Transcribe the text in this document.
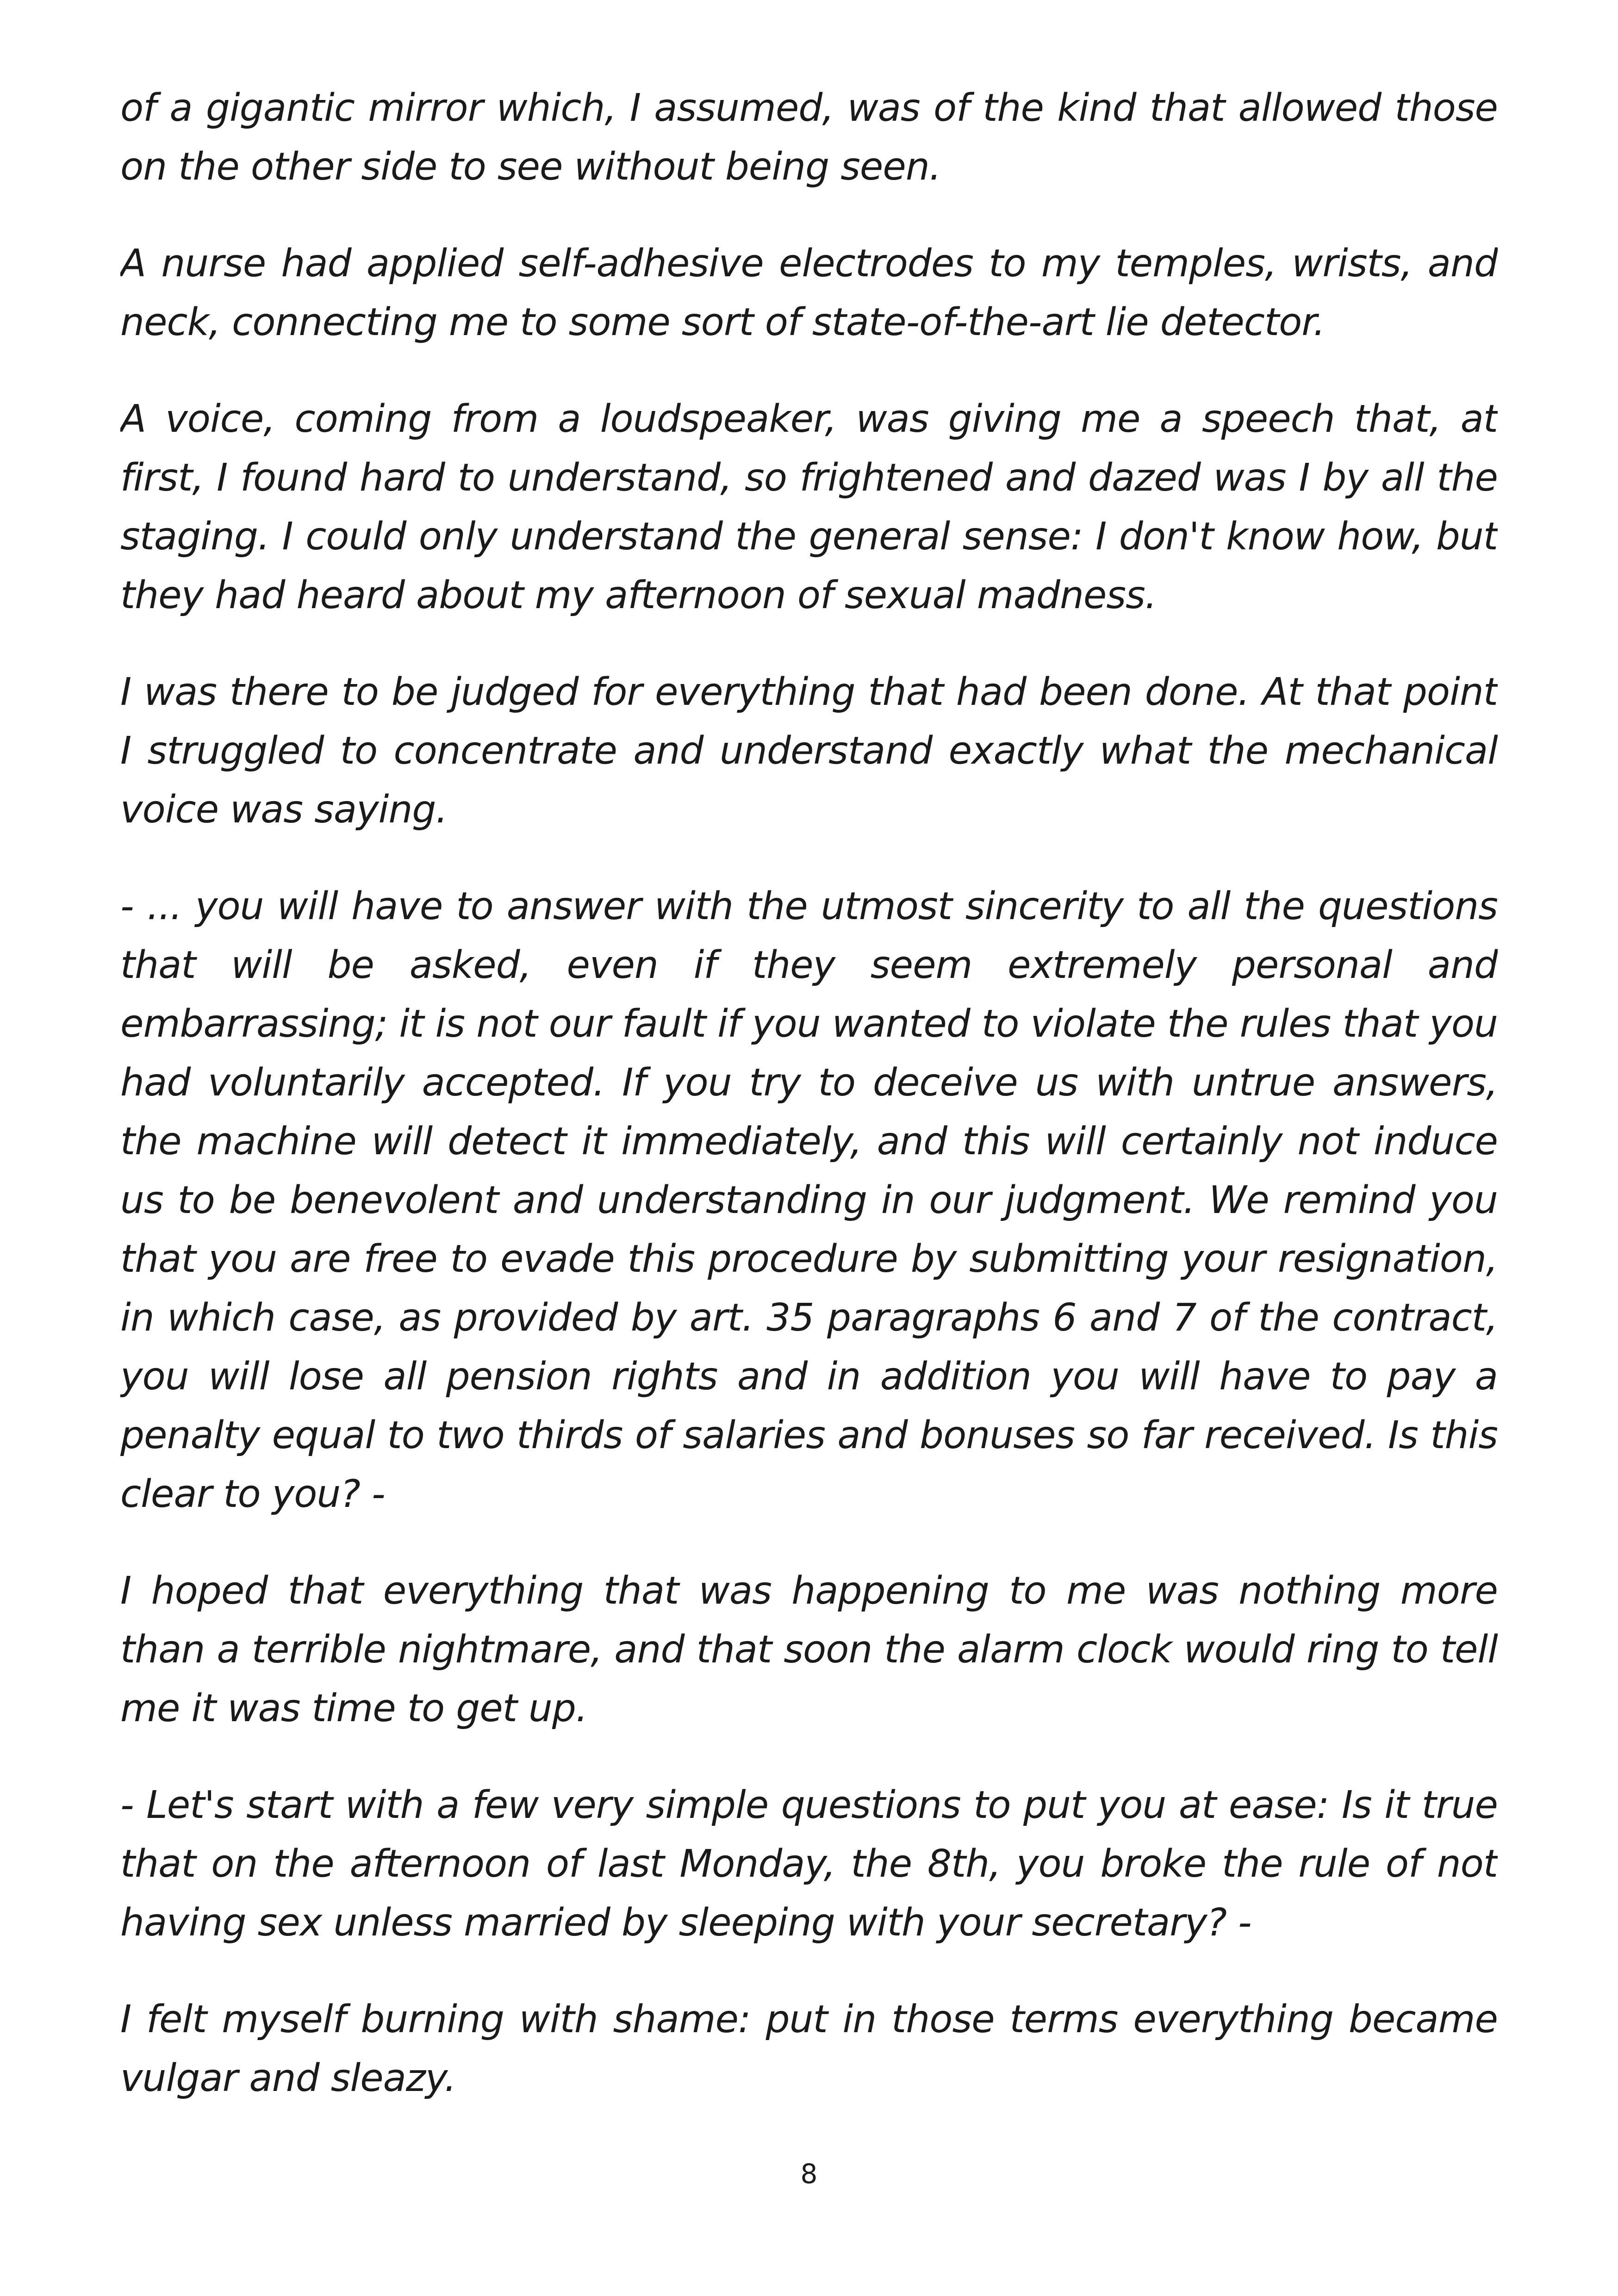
of a gigantic mirror which, I assumed, was of the kind that allowed those on the other side to see without being seen.

A nurse had applied self-adhesive electrodes to my temples, wrists, and neck, connecting me to some sort of state-of-the-art lie detector.

A voice, coming from a loudspeaker, was giving me a speech that, at first, I found hard to understand, so frightened and dazed was I by all the staging. I could only understand the general sense: I don't know how, but they had heard about my afternoon of sexual madness.

I was there to be judged for everything that had been done. At that point I struggled to concentrate and understand exactly what the mechanical voice was saying.

- ... you will have to answer with the utmost sincerity to all the questions that will be asked, even if they seem extremely personal and embarrassing; it is not our fault if you wanted to violate the rules that you had voluntarily accepted. If you try to deceive us with untrue answers, the machine will detect it immediately, and this will certainly not induce us to be benevolent and understanding in our judgment. We remind you that you are free to evade this procedure by submitting your resignation, in which case, as provided by art. 35 paragraphs 6 and 7 of the contract, you will lose all pension rights and in addition you will have to pay a penalty equal to two thirds of salaries and bonuses so far received. Is this clear to you? -

I hoped that everything that was happening to me was nothing more than a terrible nightmare, and that soon the alarm clock would ring to tell me it was time to get up.

- Let's start with a few very simple questions to put you at ease: Is it true that on the afternoon of last Monday, the 8th, you broke the rule of not having sex unless married by sleeping with your secretary? -

I felt myself burning with shame: put in those terms everything became vulgar and sleazy.

8
